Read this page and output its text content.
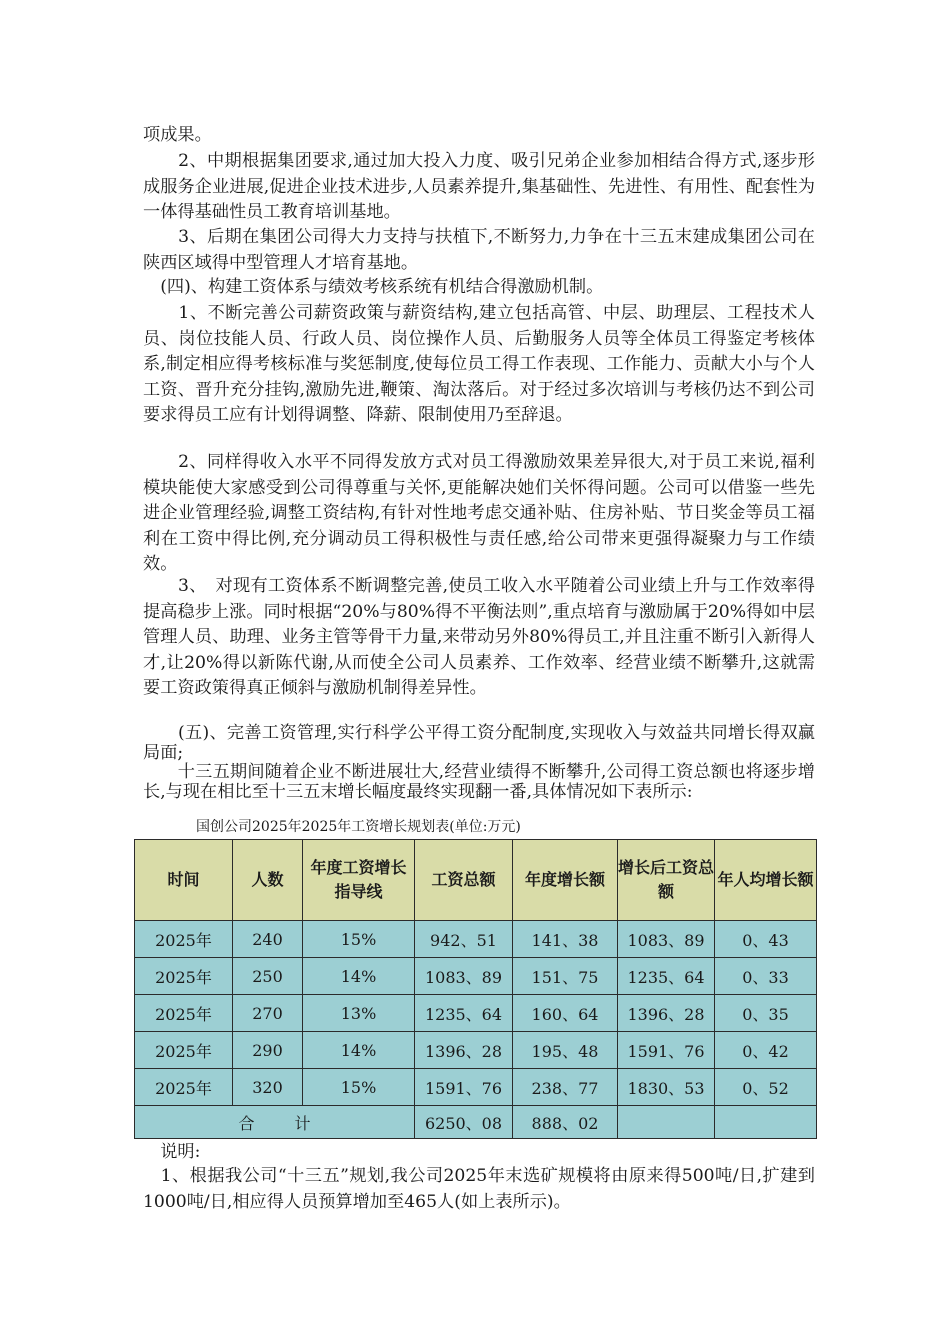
项成果。

　　2、中期根据集团要求,通过加大投入力度、吸引兄弟企业参加相结合得方式,逐步形成服务企业进展,促进企业技术进步,人员素养提升,集基础性、先进性、有用性、配套性为一体得基础性员工教育培训基地。

　　3、后期在集团公司得大力支持与扶植下,不断努力,力争在十三五末建成集团公司在陕西区域得中型管理人才培育基地。

　(四)、构建工资体系与绩效考核系统有机结合得激励机制。

　　1、不断完善公司薪资政策与薪资结构,建立包括高管、中层、助理层、工程技术人员、岗位技能人员、行政人员、岗位操作人员、后勤服务人员等全体员工得鉴定考核体系,制定相应得考核标准与奖惩制度,使每位员工得工作表现、工作能力、贡献大小与个人工资、晋升充分挂钩,激励先进,鞭策、淘汰落后。对于经过多次培训与考核仍达不到公司要求得员工应有计划得调整、降薪、限制使用乃至辞退。

　　2、同样得收入水平不同得发放方式对员工得激励效果差异很大,对于员工来说,福利模块能使大家感受到公司得尊重与关怀,更能解决她们关怀得问题。公司可以借鉴一些先进企业管理经验,调整工资结构,有针对性地考虑交通补贴、住房补贴、节日奖金等员工福利在工资中得比例,充分调动员工得积极性与责任感,给公司带来更强得凝聚力与工作绩效。

　　3、　对现有工资体系不断调整完善,使员工收入水平随着公司业绩上升与工作效率得提高稳步上涨。同时根据“20%与80%得不平衡法则”,重点培育与激励属于20%得如中层管理人员、助理、业务主管等骨干力量,来带动另外80%得员工,并且注重不断引入新得人才,让20%得以新陈代谢,从而使全公司人员素养、工作效率、经营业绩不断攀升,这就需要工资政策得真正倾斜与激励机制得差异性。

　　(五)、完善工资管理,实行科学公平得工资分配制度,实现收入与效益共同增长得双赢局面;

　　十三五期间随着企业不断进展壮大,经营业绩得不断攀升,公司得工资总额也将逐步增长,与现在相比至十三五末增长幅度最终实现翻一番,具体情况如下表所示:

国创公司2025年2025年工资增长规划表(单位:万元)
时间	人数	年度工资增长指导线	工资总额	年度增长额	增长后工资总额	年人均增长额
2025年	240	15%	942、51	141、38	1083、89	0、43
2025年	250	14%	1083、89	151、75	1235、64	0、33
2025年	270	13%	1235、64	160、64	1396、28	0、35
2025年	290	14%	1396、28	195、48	1591、76	0、42
2025年	320	15%	1591、76	238、77	1830、53	0、52
合 计			6250、08	888、02		

　说明:

　1、根据我公司“十三五”规划,我公司2025年末选矿规模将由原来得500吨/日,扩建到1000吨/日,相应得人员预算增加至465人(如上表所示)。
